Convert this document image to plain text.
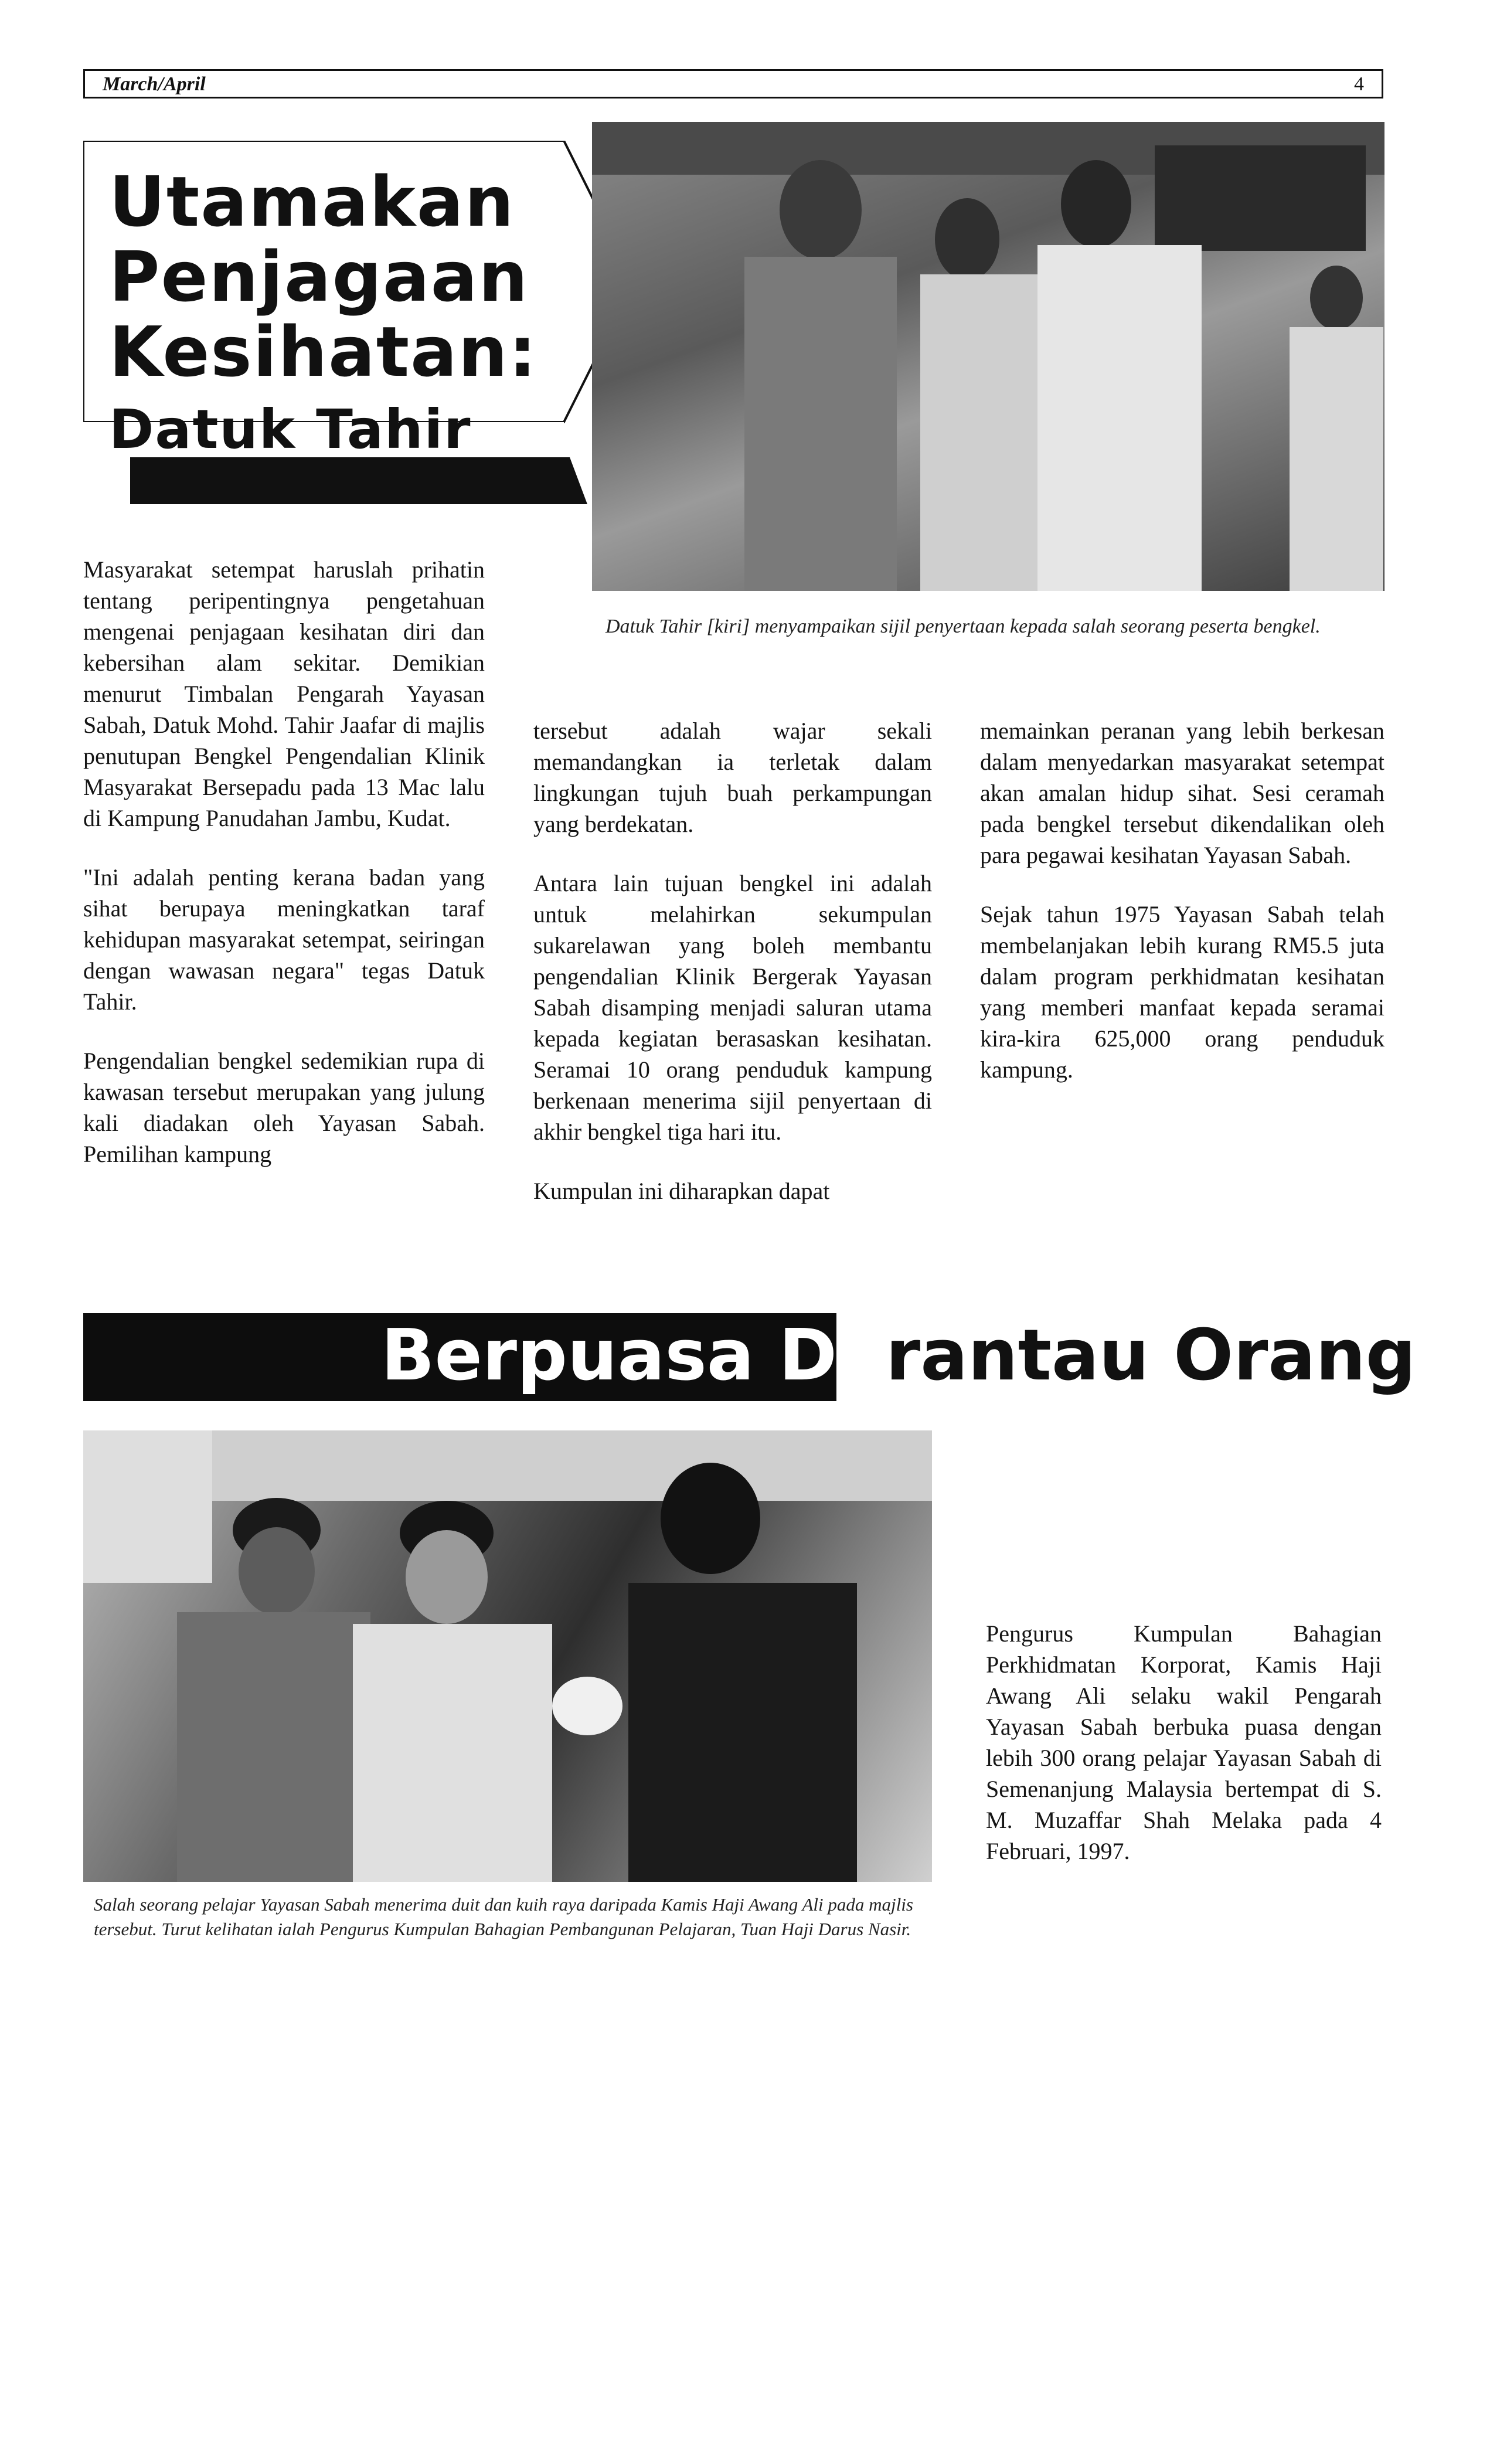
March/April	4
Utamakan
Penjagaan
Kesihatan:
Datuk Tahir
Datuk Tahir [kiri] menyampaikan sijil penyertaan kepada salah seorang peserta bengkel.

Masyarakat setempat haruslah prihatin tentang peripentingnya pengetahuan mengenai penjagaan kesihatan diri dan kebersihan alam sekitar. Demikian menurut Timbalan Pengarah Yayasan Sabah, Datuk Mohd. Tahir Jaafar di majlis penutupan Bengkel Pengendalian Klinik Masyarakat Bersepadu pada 13 Mac lalu di Kampung Panudahan Jambu, Kudat.

"Ini adalah penting kerana badan yang sihat berupaya meningkatkan taraf kehidupan masyarakat setempat, seiringan dengan wawasan negara" tegas Datuk Tahir.

Pengendalian bengkel sedemikian rupa di kawasan tersebut merupakan yang julung kali diadakan oleh Yayasan Sabah. Pemilihan kampung

tersebut adalah wajar sekali memandangkan ia terletak dalam lingkungan tujuh buah perkampungan yang berdekatan.

Antara lain tujuan bengkel ini adalah untuk melahirkan sekumpulan sukarelawan yang boleh membantu pengendalian Klinik Bergerak Yayasan Sabah disamping menjadi saluran utama kepada kegiatan berasaskan kesihatan. Seramai 10 orang penduduk kampung berkenaan menerima sijil penyertaan di akhir bengkel tiga hari itu.

Kumpulan ini diharapkan dapat

memainkan peranan yang lebih berkesan dalam menyedarkan masyarakat setempat akan amalan hidup sihat. Sesi ceramah pada bengkel tersebut dikendalikan oleh para pegawai kesihatan Yayasan Sabah.

Sejak tahun 1975 Yayasan Sabah telah membelanjakan lebih kurang RM5.5 juta dalam program perkhidmatan kesihatan yang memberi manfaat kepada seramai kira-kira 625,000 orang penduduk kampung.

Berpuasa Di rantau Orang
Salah seorang pelajar Yayasan Sabah menerima duit dan kuih raya daripada Kamis Haji Awang Ali pada majlis tersebut. Turut kelihatan ialah Pengurus Kumpulan Bahagian Pembangunan Pelajaran, Tuan Haji Darus Nasir.

Pengurus Kumpulan Bahagian Perkhidmatan Korporat, Kamis Haji Awang Ali selaku wakil Pengarah Yayasan Sabah berbuka puasa dengan lebih 300 orang pelajar Yayasan Sabah di Semenanjung Malaysia bertempat di S. M. Muzaffar Shah Melaka pada 4 Februari, 1997.
